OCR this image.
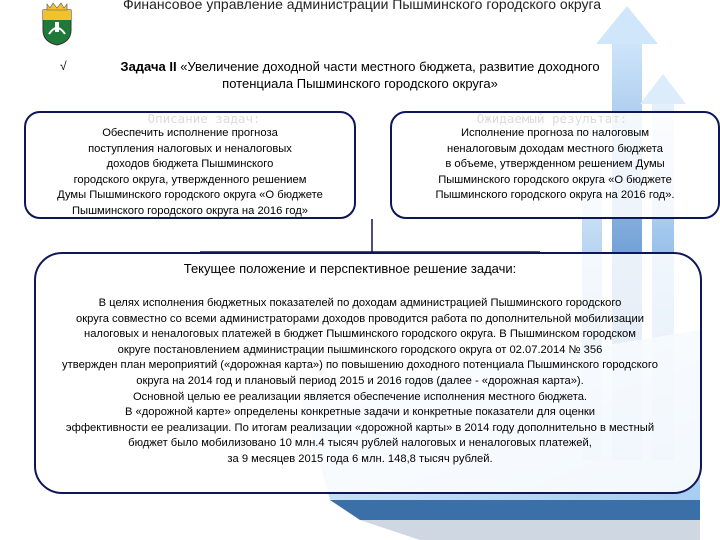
Финансовое управление администрации Пышминского городского округа
√	Задача II «Увеличение доходной части местного бюджета, развитие доходного
потенциала Пышминского городского округа»
Обеспечить исполнение прогноза
поступления налоговых и неналоговых
доходов бюджета Пышминского
городского округа, утвержденного решением
Думы Пышминского городского округа «О бюджете
Пышминского городского округа на 2016 год»
Исполнение прогноза по налоговым
неналоговым доходам местного бюджета
в объеме, утвержденном решением Думы
Пышминского городского округа «О бюджете
Пышминского городского округа на 2016 год».
Текущее положение и перспективное решение задачи:
В целях исполнения бюджетных показателей по доходам администрацией Пышминского городского
округа совместно со всеми администраторами доходов проводится работа по дополнительной мобилизации
налоговых и неналоговых платежей в бюджет Пышминского городского округа. В Пышминском городском
округе постановлением администрации пышминского городского округа от 02.07.2014 № 356
утвержден план мероприятий («дорожная карта») по повышению доходного потенциала Пышминского городского
округа на 2014 год и плановый период 2015 и 2016 годов (далее - «дорожная карта»).
Основной целью ее реализации является обеспечение исполнения местного бюджета.
В «дорожной карте» определены конкретные задачи и конкретные показатели для оценки
эффективности ее реализации. По итогам реализации «дорожной карты» в 2014 году дополнительно в местный
бюджет было мобилизовано 10 млн.4 тысяч рублей налоговых и неналоговых платежей,
за 9 месяцев 2015 года 6 млн. 148,8 тысяч рублей.
